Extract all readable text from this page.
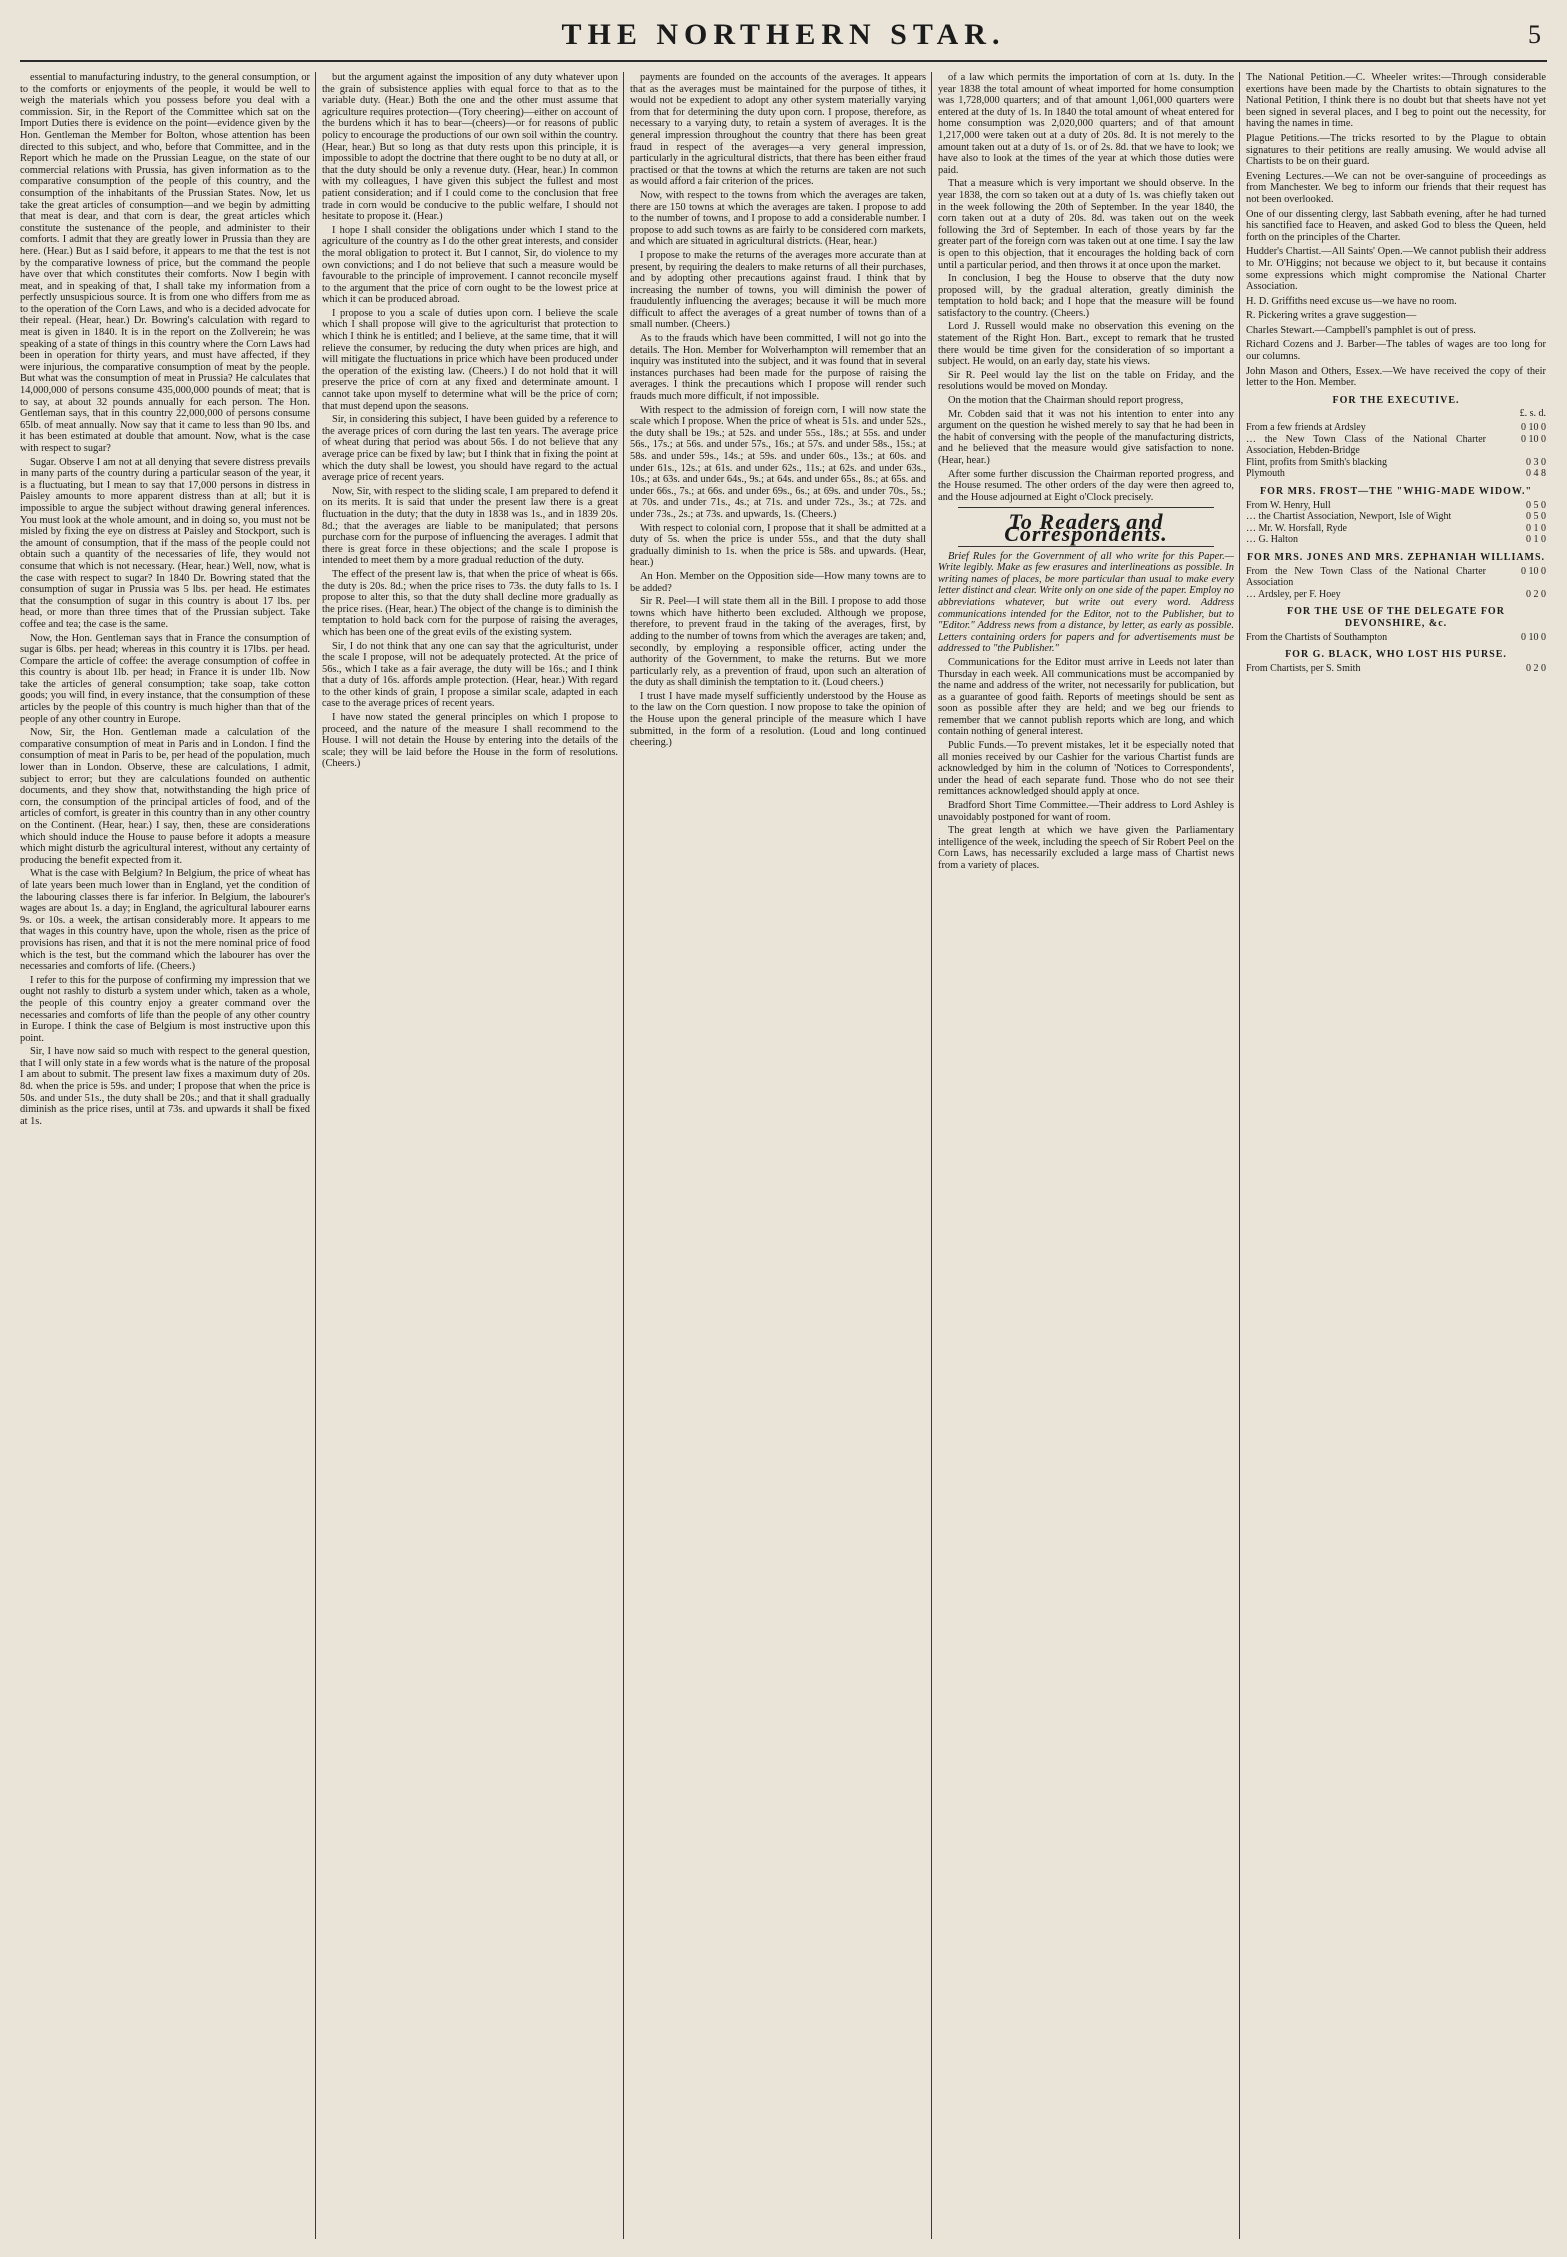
THE NORTHERN STAR.	5

essential to manufacturing industry, to the general consumption, or to the comforts or enjoyments of the people, it would be well to weigh the materials which you possess before you deal with a commission. Sir, in the Report of the Committee which sat on the Import Duties there is evidence on the point—evidence given by the Hon. Gentleman the Member for Bolton, whose attention has been directed to this subject, and who, before that Committee, and in the Report which he made on the Prussian League, on the state of our commercial relations with Prussia, has given information as to the comparative consumption of the people of this country, and the consumption of the inhabitants of the Prussian States. Now, let us take the great articles of consumption—and we begin by admitting that meat is dear, and that corn is dear, the great articles which constitute the sustenance of the people, and administer to their comforts. I admit that they are greatly lower in Prussia than they are here. (Hear.) But as I said before, it appears to me that the test is not by the comparative lowness of price, but the command the people have over that which constitutes their comforts. Now I begin with meat, and in speaking of that, I shall take my information from a perfectly unsuspicious source. It is from one who differs from me as to the operation of the Corn Laws, and who is a decided advocate for their repeal. (Hear, hear.) Dr. Bowring's calculation with regard to meat is given in 1840. It is in the report on the Zollverein; he was speaking of a state of things in this country where the Corn Laws had been in operation for thirty years, and must have affected, if they were injurious, the comparative consumption of meat by the people. But what was the consumption of meat in Prussia? He calculates that 14,000,000 of persons consume 435,000,000 pounds of meat; that is to say, at about 32 pounds annually for each person. The Hon. Gentleman says, that in this country 22,000,000 of persons consume 65lb. of meat annually. Now say that it came to less than 90 lbs. and it has been estimated at double that amount. Now, what is the case with respect to sugar?

Sugar. Observe I am not at all denying that severe distress prevails in many parts of the country during a particular season of the year, it is a fluctuating, but I mean to say that 17,000 persons in distress in Paisley amounts to more apparent distress than at all; but it is impossible to argue the subject without drawing general inferences. You must look at the whole amount, and in doing so, you must not be misled by fixing the eye on distress at Paisley and Stockport, such is the amount of consumption, that if the mass of the people could not obtain such a quantity of the necessaries of life, they would not consume that which is not necessary. (Hear, hear.) Well, now, what is the case with respect to sugar? In 1840 Dr. Bowring stated that the consumption of sugar in Prussia was 5 lbs. per head. He estimates that the consumption of sugar in this country is about 17 lbs. per head, or more than three times that of the Prussian subject. Take coffee and tea; the case is the same.

Now, the Hon. Gentleman says that in France the consumption of sugar is 6lbs. per head; whereas in this country it is 17lbs. per head. Compare the article of coffee: the average consumption of coffee in this country is about 1lb. per head; in France it is under 1lb. Now take the articles of general consumption; take soap, take cotton goods; you will find, in every instance, that the consumption of these articles by the people of this country is much higher than that of the people of any other country in Europe.

Now, Sir, the Hon. Gentleman made a calculation of the comparative consumption of meat in Paris and in London. I find the consumption of meat in Paris to be, per head of the population, much lower than in London. Observe, these are calculations, I admit, subject to error; but they are calculations founded on authentic documents, and they show that, notwithstanding the high price of corn, the consumption of the principal articles of food, and of the articles of comfort, is greater in this country than in any other country on the Continent. (Hear, hear.) I say, then, these are considerations which should induce the House to pause before it adopts a measure which might disturb the agricultural interest, without any certainty of producing the benefit expected from it.

What is the case with Belgium? In Belgium, the price of wheat has of late years been much lower than in England, yet the condition of the labouring classes there is far inferior. In Belgium, the labourer's wages are about 1s. a day; in England, the agricultural labourer earns 9s. or 10s. a week, the artisan considerably more. It appears to me that wages in this country have, upon the whole, risen as the price of provisions has risen, and that it is not the mere nominal price of food which is the test, but the command which the labourer has over the necessaries and comforts of life. (Cheers.)

I refer to this for the purpose of confirming my impression that we ought not rashly to disturb a system under which, taken as a whole, the people of this country enjoy a greater command over the necessaries and comforts of life than the people of any other country in Europe. I think the case of Belgium is most instructive upon this point.

Sir, I have now said so much with respect to the general question, that I will only state in a few words what is the nature of the proposal I am about to submit. The present law fixes a maximum duty of 20s. 8d. when the price is 59s. and under; I propose that when the price is 50s. and under 51s., the duty shall be 20s.; and that it shall gradually diminish as the price rises, until at 73s. and upwards it shall be fixed at 1s.

but the argument against the imposition of any duty whatever upon the grain of subsistence applies with equal force to that as to the variable duty. (Hear.) Both the one and the other must assume that agriculture requires protection—(Tory cheering)—either on account of the burdens which it has to bear—(cheers)—or for reasons of public policy to encourage the productions of our own soil within the country. (Hear, hear.) But so long as that duty rests upon this principle, it is impossible to adopt the doctrine that there ought to be no duty at all, or that the duty should be only a revenue duty. (Hear, hear.) In common with my colleagues, I have given this subject the fullest and most patient consideration; and if I could come to the conclusion that free trade in corn would be conducive to the public welfare, I should not hesitate to propose it. (Hear.)

I hope I shall consider the obligations under which I stand to the agriculture of the country as I do the other great interests, and consider the moral obligation to protect it. But I cannot, Sir, do violence to my own convictions; and I do not believe that such a measure would be favourable to the principle of improvement. I cannot reconcile myself to the argument that the price of corn ought to be the lowest price at which it can be produced abroad.

I propose to you a scale of duties upon corn. I believe the scale which I shall propose will give to the agriculturist that protection to which I think he is entitled; and I believe, at the same time, that it will relieve the consumer, by reducing the duty when prices are high, and will mitigate the fluctuations in price which have been produced under the operation of the existing law. (Cheers.) I do not hold that it will preserve the price of corn at any fixed and determinate amount. I cannot take upon myself to determine what will be the price of corn; that must depend upon the seasons.

Sir, in considering this subject, I have been guided by a reference to the average prices of corn during the last ten years. The average price of wheat during that period was about 56s. I do not believe that any average price can be fixed by law; but I think that in fixing the point at which the duty shall be lowest, you should have regard to the actual average price of recent years.

Now, Sir, with respect to the sliding scale, I am prepared to defend it on its merits. It is said that under the present law there is a great fluctuation in the duty; that the duty in 1838 was 1s., and in 1839 20s. 8d.; that the averages are liable to be manipulated; that persons purchase corn for the purpose of influencing the averages. I admit that there is great force in these objections; and the scale I propose is intended to meet them by a more gradual reduction of the duty.

The effect of the present law is, that when the price of wheat is 66s. the duty is 20s. 8d.; when the price rises to 73s. the duty falls to 1s. I propose to alter this, so that the duty shall decline more gradually as the price rises. (Hear, hear.) The object of the change is to diminish the temptation to hold back corn for the purpose of raising the averages, which has been one of the great evils of the existing system.

Sir, I do not think that any one can say that the agriculturist, under the scale I propose, will not be adequately protected. At the price of 56s., which I take as a fair average, the duty will be 16s.; and I think that a duty of 16s. affords ample protection. (Hear, hear.) With regard to the other kinds of grain, I propose a similar scale, adapted in each case to the average prices of recent years.

I have now stated the general principles on which I propose to proceed, and the nature of the measure I shall recommend to the House. I will not detain the House by entering into the details of the scale; they will be laid before the House in the form of resolutions. (Cheers.)

payments are founded on the accounts of the averages. It appears that as the averages must be maintained for the purpose of tithes, it would not be expedient to adopt any other system materially varying from that for determining the duty upon corn. I propose, therefore, as necessary to a varying duty, to retain a system of averages. It is the general impression throughout the country that there has been great fraud in respect of the averages—a very general impression, particularly in the agricultural districts, that there has been either fraud practised or that the towns at which the returns are taken are not such as would afford a fair criterion of the prices.

Now, with respect to the towns from which the averages are taken, there are 150 towns at which the averages are taken. I propose to add to the number of towns, and I propose to add a considerable number. I propose to add such towns as are fairly to be considered corn markets, and which are situated in agricultural districts. (Hear, hear.)

I propose to make the returns of the averages more accurate than at present, by requiring the dealers to make returns of all their purchases, and by adopting other precautions against fraud. I think that by increasing the number of towns, you will diminish the power of fraudulently influencing the averages; because it will be much more difficult to affect the averages of a great number of towns than of a small number. (Cheers.)

As to the frauds which have been committed, I will not go into the details. The Hon. Member for Wolverhampton will remember that an inquiry was instituted into the subject, and it was found that in several instances purchases had been made for the purpose of raising the averages. I think the precautions which I propose will render such frauds much more difficult, if not impossible.

With respect to the admission of foreign corn, I will now state the scale which I propose. When the price of wheat is 51s. and under 52s., the duty shall be 19s.; at 52s. and under 55s., 18s.; at 55s. and under 56s., 17s.; at 56s. and under 57s., 16s.; at 57s. and under 58s., 15s.; at 58s. and under 59s., 14s.; at 59s. and under 60s., 13s.; at 60s. and under 61s., 12s.; at 61s. and under 62s., 11s.; at 62s. and under 63s., 10s.; at 63s. and under 64s., 9s.; at 64s. and under 65s., 8s.; at 65s. and under 66s., 7s.; at 66s. and under 69s., 6s.; at 69s. and under 70s., 5s.; at 70s. and under 71s., 4s.; at 71s. and under 72s., 3s.; at 72s. and under 73s., 2s.; at 73s. and upwards, 1s. (Cheers.)

With respect to colonial corn, I propose that it shall be admitted at a duty of 5s. when the price is under 55s., and that the duty shall gradually diminish to 1s. when the price is 58s. and upwards. (Hear, hear.)

An Hon. Member on the Opposition side—How many towns are to be added?

Sir R. Peel—I will state them all in the Bill. I propose to add those towns which have hitherto been excluded. Although we propose, therefore, to prevent fraud in the taking of the averages, first, by adding to the number of towns from which the averages are taken; and, secondly, by employing a responsible officer, acting under the authority of the Government, to make the returns. But we more particularly rely, as a prevention of fraud, upon such an alteration of the duty as shall diminish the temptation to it. (Loud cheers.)

I trust I have made myself sufficiently understood by the House as to the law on the Corn question. I now propose to take the opinion of the House upon the general principle of the measure which I have submitted, in the form of a resolution. (Loud and long continued cheering.)

of a law which permits the importation of corn at 1s. duty. In the year 1838 the total amount of wheat imported for home consumption was 1,728,000 quarters; and of that amount 1,061,000 quarters were entered at the duty of 1s. In 1840 the total amount of wheat entered for home consumption was 2,020,000 quarters; and of that amount 1,217,000 were taken out at a duty of 20s. 8d. It is not merely to the amount taken out at a duty of 1s. or of 2s. 8d. that we have to look; we have also to look at the times of the year at which those duties were paid.

That a measure which is very important we should observe. In the year 1838, the corn so taken out at a duty of 1s. was chiefly taken out in the week following the 20th of September. In the year 1840, the corn taken out at a duty of 20s. 8d. was taken out on the week following the 3rd of September. In each of those years by far the greater part of the foreign corn was taken out at one time. I say the law is open to this objection, that it encourages the holding back of corn until a particular period, and then throws it at once upon the market.

In conclusion, I beg the House to observe that the duty now proposed will, by the gradual alteration, greatly diminish the temptation to hold back; and I hope that the measure will be found satisfactory to the country. (Cheers.)

Lord J. Russell would make no observation this evening on the statement of the Right Hon. Bart., except to remark that he trusted there would be time given for the consideration of so important a subject. He would, on an early day, state his views.

Sir R. Peel would lay the list on the table on Friday, and the resolutions would be moved on Monday.

On the motion that the Chairman should report progress,

Mr. Cobden said that it was not his intention to enter into any argument on the question he wished merely to say that he had been in the habit of conversing with the people of the manufacturing districts, and he believed that the measure would give satisfaction to none. (Hear, hear.)

After some further discussion the Chairman reported progress, and the House resumed. The other orders of the day were then agreed to, and the House adjourned at Eight o'Clock precisely.

To Readers and Correspondents.

Brief Rules for the Government of all who write for this Paper.—Write legibly. Make as few erasures and interlineations as possible. In writing names of places, be more particular than usual to make every letter distinct and clear. Write only on one side of the paper. Employ no abbreviations whatever, but write out every word. Address communications intended for the Editor, not to the Publisher, but to "Editor." Address news from a distance, by letter, as early as possible. Letters containing orders for papers and for advertisements must be addressed to "the Publisher."

Communications for the Editor must arrive in Leeds not later than Thursday in each week. All communications must be accompanied by the name and address of the writer, not necessarily for publication, but as a guarantee of good faith. Reports of meetings should be sent as soon as possible after they are held; and we beg our friends to remember that we cannot publish reports which are long, and which contain nothing of general interest.

Public Funds.—To prevent mistakes, let it be especially noted that all monies received by our Cashier for the various Chartist funds are acknowledged by him in the column of 'Notices to Correspondents', under the head of each separate fund. Those who do not see their remittances acknowledged should apply at once.

Bradford Short Time Committee.—Their address to Lord Ashley is unavoidably postponed for want of room.

The great length at which we have given the Parliamentary intelligence of the week, including the speech of Sir Robert Peel on the Corn Laws, has necessarily excluded a large mass of Chartist news from a variety of places.

The National Petition.—C. Wheeler writes:—Through considerable exertions have been made by the Chartists to obtain signatures to the National Petition, I think there is no doubt but that sheets have not yet been signed in several places, and I beg to point out the necessity, for having the names in time.

Plague Petitions.—The tricks resorted to by the Plague to obtain signatures to their petitions are really amusing. We would advise all Chartists to be on their guard.

Evening Lectures.—We can not be over-sanguine of proceedings as from Manchester. We beg to inform our friends that their request has not been overlooked.

One of our dissenting clergy, last Sabbath evening, after he had turned his sanctified face to Heaven, and asked God to bless the Queen, held forth on the principles of the Charter.

Hudder's Chartist.—All Saints' Open.—We cannot publish their address to Mr. O'Higgins; not because we object to it, but because it contains some expressions which might compromise the National Charter Association.

H. D. Griffiths need excuse us—we have no room.

R. Pickering writes a grave suggestion—

Charles Stewart.—Campbell's pamphlet is out of press.

Richard Cozens and J. Barber—The tables of wages are too long for our columns.

John Mason and Others, Essex.—We have received the copy of their letter to the Hon. Member.

FOR THE EXECUTIVE.
£. s. d.
From a few friends at Ardsley	0 10 0
… the New Town Class of the National Charter Association, Hebden-Bridge	0 10 0
Flint, profits from Smith's blacking	0 3 0
Plymouth	0 4 8
FOR MRS. FROST—THE "WHIG-MADE WIDOW."
From W. Henry, Hull	0 5 0
… the Chartist Association, Newport, Isle of Wight	0 5 0
… Mr. W. Horsfall, Ryde	0 1 0
… G. Halton	0 1 0
FOR MRS. JONES AND MRS. ZEPHANIAH WILLIAMS.
From the New Town Class of the National Charter Association	0 10 0
… Ardsley, per F. Hoey	0 2 0
FOR THE USE OF THE DELEGATE FOR DEVONSHIRE, &c.
From the Chartists of Southampton	0 10 0
FOR G. BLACK, WHO LOST HIS PURSE.
From Chartists, per S. Smith	0 2 0
